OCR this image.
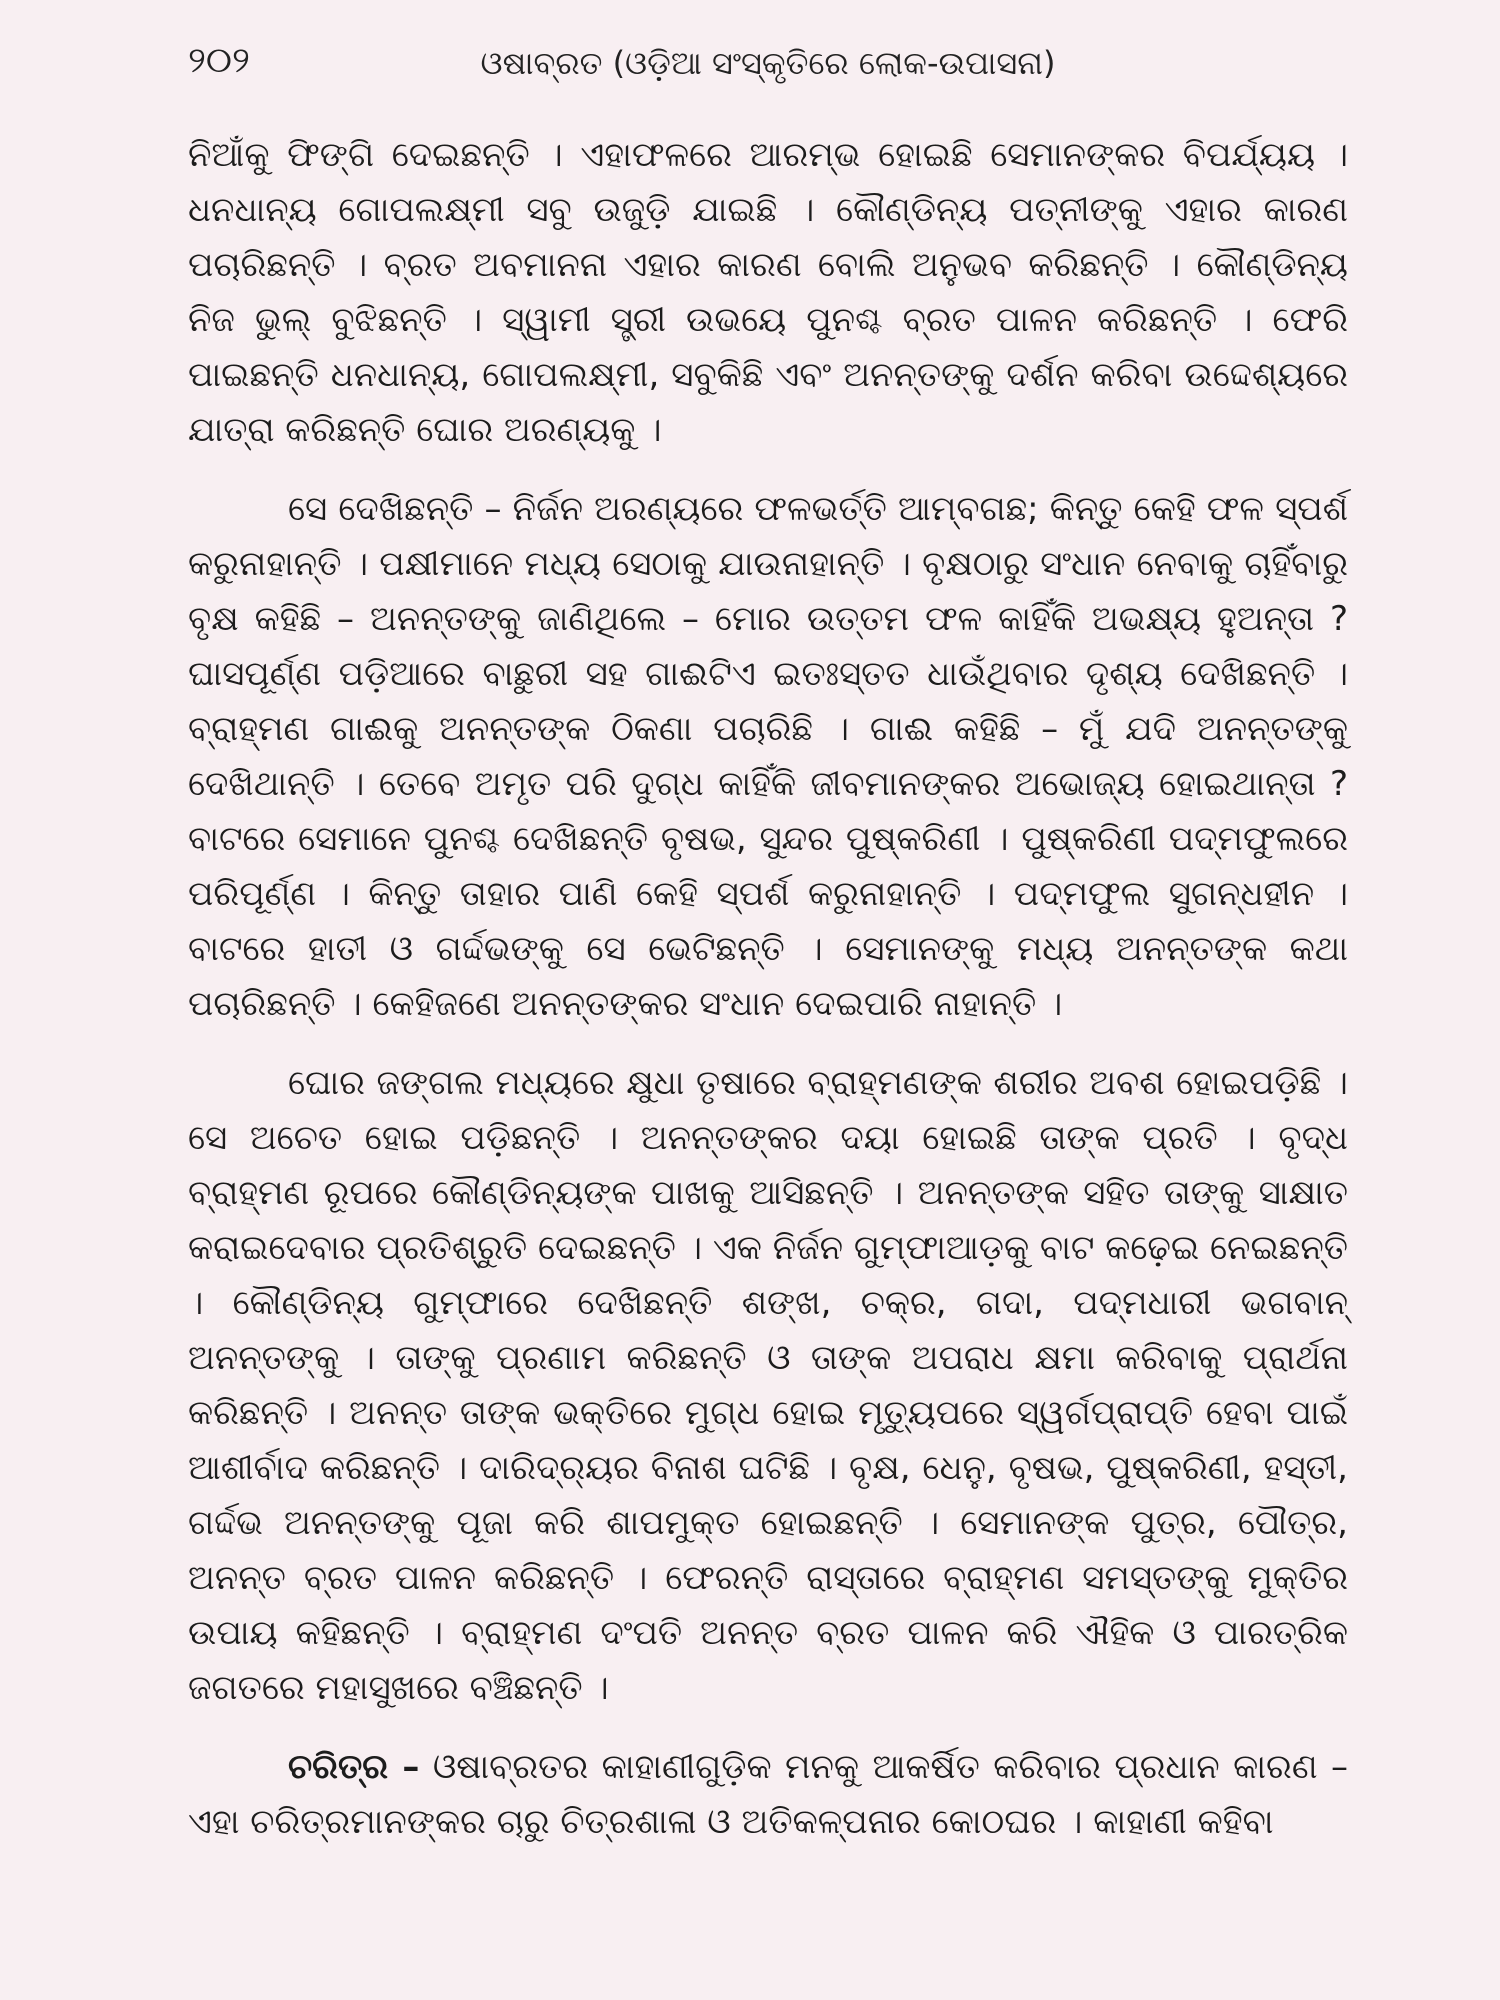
୨୦୨	ଓଷାବ୍ରତ (ଓଡ଼ିଆ ସଂସ୍କୃତିରେ ଲୋକ-ଉପାସନା)

ନିଆଁକୁ ଫିଙ୍ଗି ଦେଇଛନ୍ତି । ଏହାଫଳରେ ଆରମ୍ଭ ହୋଇଛି ସେମାନଙ୍କର ବିପର୍ଯ୍ୟୟ । ଧନଧାନ୍ୟ ଗୋପଲକ୍ଷ୍ମୀ ସବୁ ଉଜୁଡ଼ି ଯାଇଛି । କୌଣ୍ଡିନ୍ୟ ପତ୍ନୀଙ୍କୁ ଏହାର କାରଣ ପଚାରିଛନ୍ତି । ବ୍ରତ ଅବମାନନା ଏହାର କାରଣ ବୋଲି ଅନୁଭବ କରିଛନ୍ତି । କୌଣ୍ଡିନ୍ୟ ନିଜ ଭୁଲ୍ ବୁଝିଛନ୍ତି । ସ୍ୱାମୀ ସ୍ତ୍ରୀ ଉଭୟେ ପୁନଶ୍ଚ ବ୍ରତ ପାଳନ କରିଛନ୍ତି । ଫେରି ପାଇଛନ୍ତି ଧନଧାନ୍ୟ, ଗୋପଲକ୍ଷ୍ମୀ, ସବୁକିଛି ଏବଂ ଅନନ୍ତଙ୍କୁ ଦର୍ଶନ କରିବା ଉଦ୍ଦେଶ୍ୟରେ ଯାତ୍ରା କରିଛନ୍ତି ଘୋର ଅରଣ୍ୟକୁ ।

ସେ ଦେଖିଛନ୍ତି – ନିର୍ଜନ ଅରଣ୍ୟରେ ଫଳଭର୍ତ୍ତି ଆମ୍ବଗଛ; କିନ୍ତୁ କେହି ଫଳ ସ୍ପର୍ଶ କରୁନାହାନ୍ତି । ପକ୍ଷୀମାନେ ମଧ୍ୟ ସେଠାକୁ ଯାଉନାହାନ୍ତି । ବୃକ୍ଷଠାରୁ ସଂଧାନ ନେବାକୁ ଚାହିଁବାରୁ ବୃକ୍ଷ କହିଛି – ଅନନ୍ତଙ୍କୁ ଜାଣିଥିଲେ – ମୋର ଉତ୍ତମ ଫଳ କାହିଁକି ଅଭକ୍ଷ୍ୟ ହୁଅନ୍ତା ? ଘାସପୂର୍ଣ୍ଣ ପଡ଼ିଆରେ ବାଛୁରୀ ସହ ଗାଈଟିଏ ଇତଃସ୍ତତ ଧାଉଁଥିବାର ଦୃଶ୍ୟ ଦେଖିଛନ୍ତି । ବ୍ରାହ୍ମଣ ଗାଈକୁ ଅନନ୍ତଙ୍କ ଠିକଣା ପଚାରିଛି । ଗାଈ କହିଛି – ମୁଁ ଯଦି ଅନନ୍ତଙ୍କୁ ଦେଖିଥାନ୍ତି । ତେବେ ଅମୃତ ପରି ଦୁଗ୍ଧ କାହିଁକି ଜୀବମାନଙ୍କର ଅଭୋଜ୍ୟ ହୋଇଥାନ୍ତା ? ବାଟରେ ସେମାନେ ପୁନଶ୍ଚ ଦେଖିଛନ୍ତି ବୃଷଭ, ସୁନ୍ଦର ପୁଷ୍କରିଣୀ । ପୁଷ୍କରିଣୀ ପଦ୍ମଫୁଲରେ ପରିପୂର୍ଣ୍ଣ । କିନ୍ତୁ ତାହାର ପାଣି କେହି ସ୍ପର୍ଶ କରୁନାହାନ୍ତି । ପଦ୍ମଫୁଲ ସୁଗନ୍ଧହୀନ । ବାଟରେ ହାତୀ ଓ ଗର୍ଦ୍ଦଭଙ୍କୁ ସେ ଭେଟିଛନ୍ତି । ସେମାନଙ୍କୁ ମଧ୍ୟ ଅନନ୍ତଙ୍କ କଥା ପଚାରିଛନ୍ତି । କେହିଜଣେ ଅନନ୍ତଙ୍କର ସଂଧାନ ଦେଇପାରି ନାହାନ୍ତି ।

ଘୋର ଜଙ୍ଗଲ ମଧ୍ୟରେ କ୍ଷୁଧା ତୃଷାରେ ବ୍ରାହ୍ମଣଙ୍କ ଶରୀର ଅବଶ ହୋଇପଡ଼ିଛି । ସେ ଅଚେତ ହୋଇ ପଡ଼ିଛନ୍ତି । ଅନନ୍ତଙ୍କର ଦୟା ହୋଇଛି ତାଙ୍କ ପ୍ରତି । ବୃଦ୍ଧ ବ୍ରାହ୍ମଣ ରୂପରେ କୌଣ୍ଡିନ୍ୟଙ୍କ ପାଖକୁ ଆସିଛନ୍ତି । ଅନନ୍ତଙ୍କ ସହିତ ତାଙ୍କୁ ସାକ୍ଷାତ କରାଇଦେବାର ପ୍ରତିଶ୍ରୁତି ଦେଇଛନ୍ତି । ଏକ ନିର୍ଜନ ଗୁମ୍ଫାଆଡ଼କୁ ବାଟ କଢ଼େଇ ନେଇଛନ୍ତି । କୌଣ୍ଡିନ୍ୟ ଗୁମ୍ଫାରେ ଦେଖିଛନ୍ତି ଶଙ୍ଖ, ଚକ୍ର, ଗଦା, ପଦ୍ମଧାରୀ ଭଗବାନ୍ ଅନନ୍ତଙ୍କୁ । ତାଙ୍କୁ ପ୍ରଣାମ କରିଛନ୍ତି ଓ ତାଙ୍କ ଅପରାଧ କ୍ଷମା କରିବାକୁ ପ୍ରାର୍ଥନା କରିଛନ୍ତି । ଅନନ୍ତ ତାଙ୍କ ଭକ୍ତିରେ ମୁଗ୍ଧ ହୋଇ ମୃତ୍ୟୁପରେ ସ୍ୱର୍ଗପ୍ରାପ୍ତି ହେବା ପାଇଁ ଆଶୀର୍ବାଦ କରିଛନ୍ତି । ଦାରିଦ୍ର୍ୟର ବିନାଶ ଘଟିଛି । ବୃକ୍ଷ, ଧେନୁ, ବୃଷଭ, ପୁଷ୍କରିଣୀ, ହସ୍ତୀ, ଗର୍ଦ୍ଦଭ ଅନନ୍ତଙ୍କୁ ପୂଜା କରି ଶାପମୁକ୍ତ ହୋଇଛନ୍ତି । ସେମାନଙ୍କ ପୁତ୍ର, ପୌତ୍ର, ଅନନ୍ତ ବ୍ରତ ପାଳନ କରିଛନ୍ତି । ଫେରନ୍ତି ରାସ୍ତାରେ ବ୍ରାହ୍ମଣ ସମସ୍ତଙ୍କୁ ମୁକ୍ତିର ଉପାୟ କହିଛନ୍ତି । ବ୍ରାହ୍ମଣ ଦଂପତି ଅନନ୍ତ ବ୍ରତ ପାଳନ କରି ଐହିକ ଓ ପାରତ୍ରିକ ଜଗତରେ ମହାସୁଖରେ ବଞ୍ଚିଛନ୍ତି ।

ଚରିତ୍ର – ଓଷାବ୍ରତର କାହାଣୀଗୁଡ଼ିକ ମନକୁ ଆକର୍ଷିତ କରିବାର ପ୍ରଧାନ କାରଣ – ଏହା ଚରିତ୍ରମାନଙ୍କର ଚାରୁ ଚିତ୍ରଶାଳା ଓ ଅତିକଳ୍ପନାର କୋଠଘର । କାହାଣୀ କହିବା
